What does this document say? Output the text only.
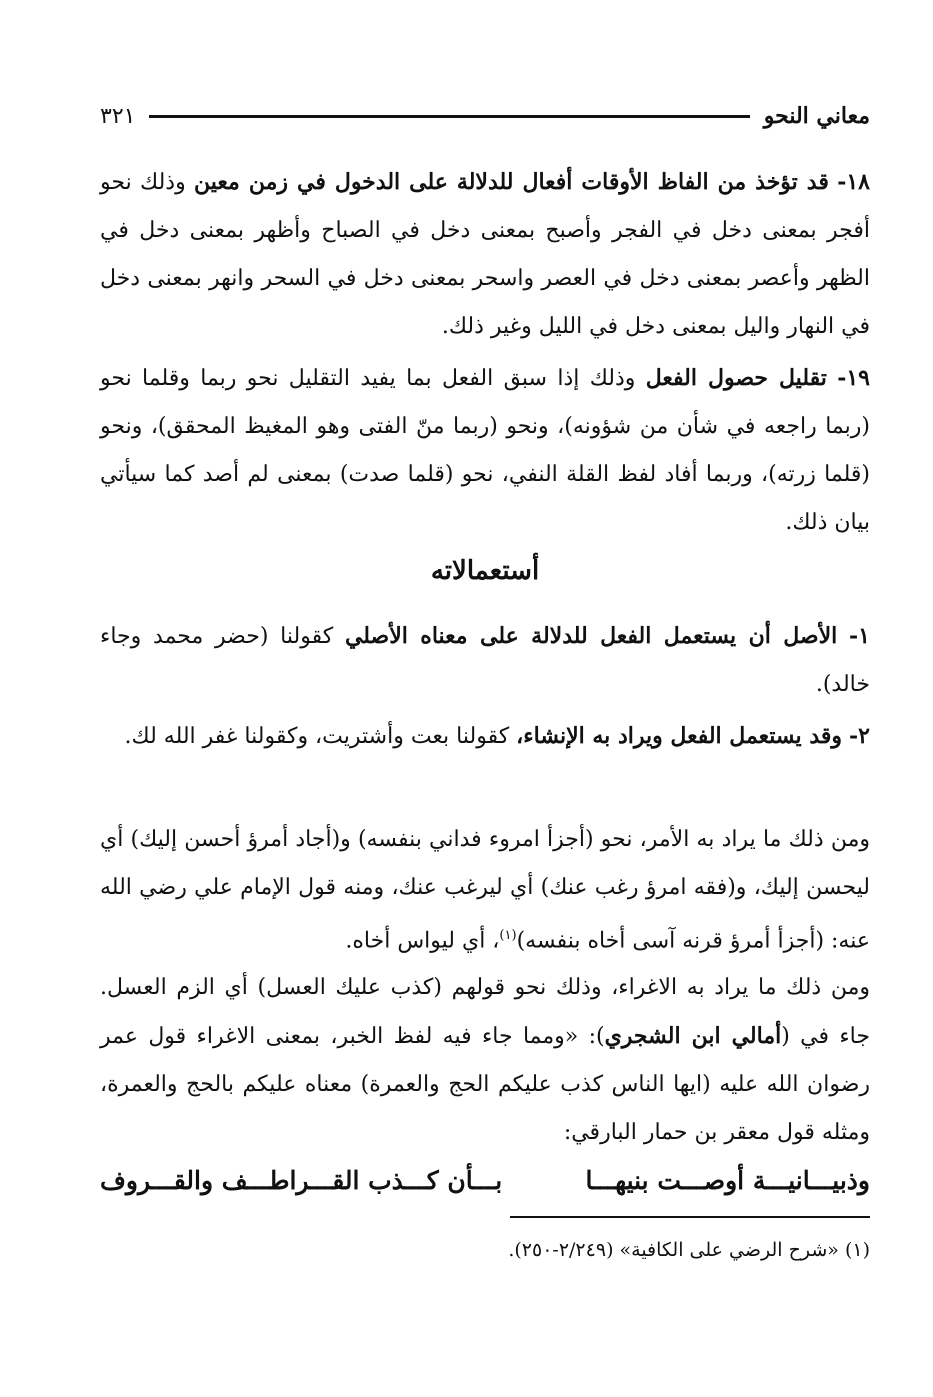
معاني النحو
٣٢١
١٨- قد تؤخذ من الفاظ الأوقات أفعال للدلالة على الدخول في زمن معين وذلك نحو أفجر بمعنى دخل في الفجر وأصبح بمعنى دخل في الصباح وأظهر بمعنى دخل في الظهر وأعصر بمعنى دخل في العصر واسحر بمعنى دخل في السحر وانهر بمعنى دخل في النهار واليل بمعنى دخل في الليل وغير ذلك.
١٩- تقليل حصول الفعل وذلك إذا سبق الفعل بما يفيد التقليل نحو ربما وقلما نحو (ربما راجعه في شأن من شؤونه)، ونحو (ربما منّ الفتى وهو المغيظ المحقق)، ونحو (قلما زرته)، وربما أفاد لفظ القلة النفي، نحو (قلما صدت) بمعنى لم أصد كما سيأتي بيان ذلك.
أستعمالاته
١- الأصل أن يستعمل الفعل للدلالة على معناه الأصلي كقولنا (حضر محمد وجاء خالد).
٢- وقد يستعمل الفعل ويراد به الإنشاء، كقولنا بعت وأشتريت، وكقولنا غفر الله لك.
ومن ذلك ما يراد به الأمر، نحو (أجزأ امروء فداني بنفسه) و(أجاد أمرؤ أحسن إليك) أي ليحسن إليك، و(فقه امرؤ رغب عنك) أي ليرغب عنك، ومنه قول الإمام علي رضي الله عنه: (أجزأ أمرؤ قرنه آسى أخاه بنفسه)$^{(١)}$، أي ليواس أخاه.
ومن ذلك ما يراد به الاغراء، وذلك نحو قولهم (كذب عليك العسل) أي الزم العسل. جاء في (أمالي ابن الشجري): «ومما جاء فيه لفظ الخبر، بمعنى الاغراء قول عمر رضوان الله عليه (ايها الناس كذب عليكم الحج والعمرة) معناه عليكم بالحج والعمرة، ومثله قول معقر بن حمار البارقي:
وذبيـــانيـــة أوصـــت بنيهـــا
بـــأن كـــذب القـــراطـــف والقـــروف
(١) «شرح الرضي على الكافية» (٢/٢٤٩-٢٥٠).
